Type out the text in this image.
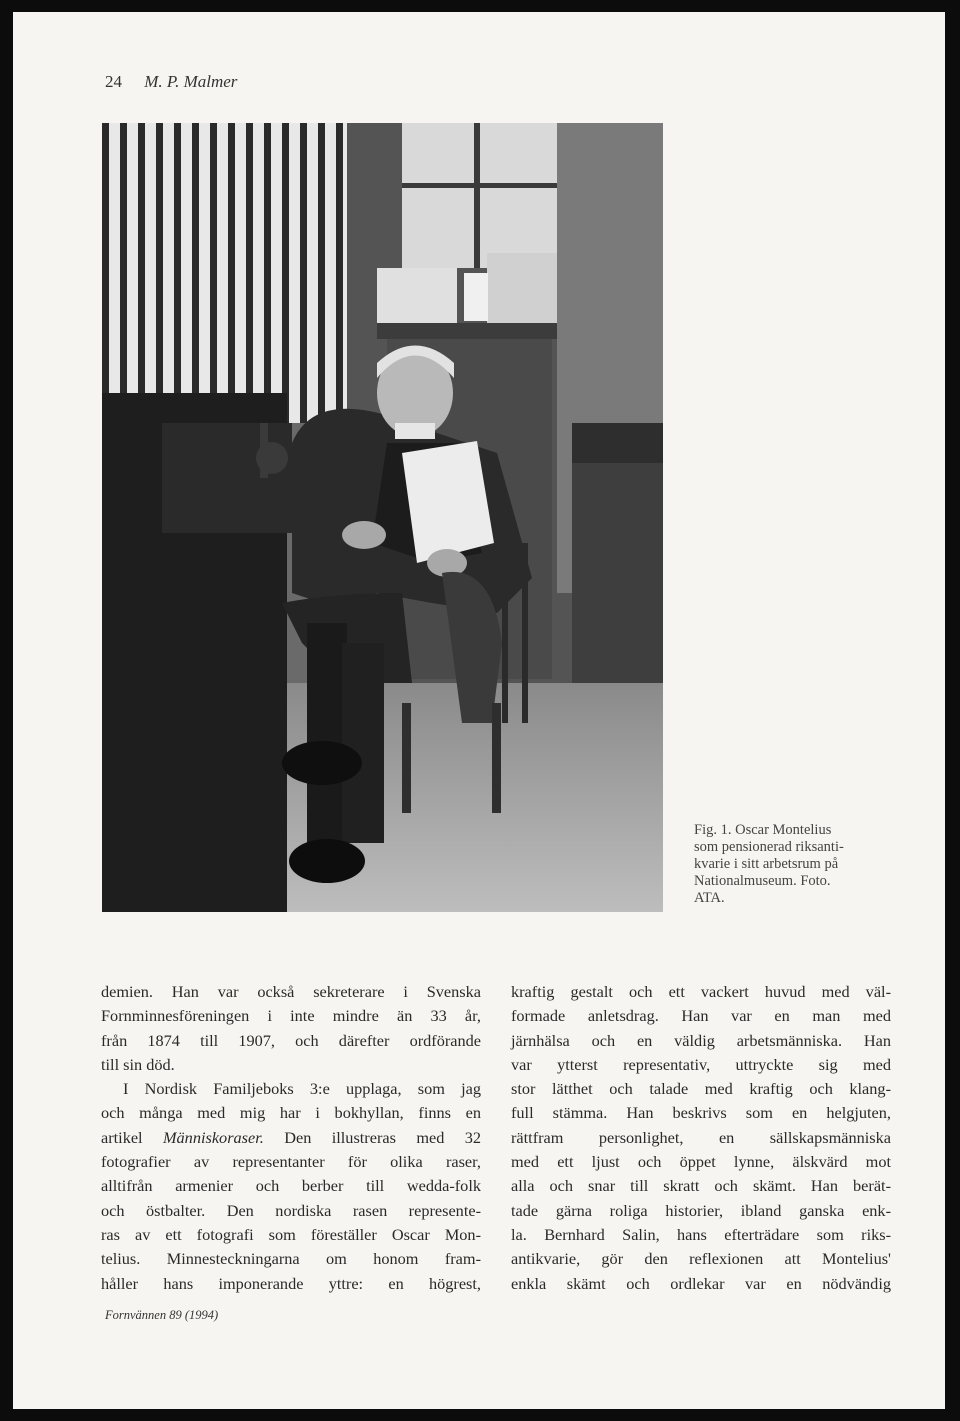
24 M. P. Malmer
Fig. 1. Oscar Montelius
som pensionerad riksanti-
kvarie i sitt arbetsrum på
Nationalmuseum. Foto.
ATA.
demien. Han var också sekreterare i Svenska
Fornminnesföreningen i inte mindre än 33 år,
från 1874 till 1907, och därefter ordförande
till sin död.
I Nordisk Familjeboks 3:e upplaga, som jag
och många med mig har i bokhyllan, finns en
artikel Människoraser. Den illustreras med 32
fotografier av representanter för olika raser,
alltifrån armenier och berber till wedda-folk
och östbalter. Den nordiska rasen represente-
ras av ett fotografi som föreställer Oscar Mon-
telius. Minnesteckningarna om honom fram-
håller hans imponerande yttre: en högrest,
kraftig gestalt och ett vackert huvud med väl-
formade anletsdrag. Han var en man med
järnhälsa och en väldig arbetsmänniska. Han
var ytterst representativ, uttryckte sig med
stor lätthet och talade med kraftig och klang-
full stämma. Han beskrivs som en helgjuten,
rättfram personlighet, en sällskapsmänniska
med ett ljust och öppet lynne, älskvärd mot
alla och snar till skratt och skämt. Han berät-
tade gärna roliga historier, ibland ganska enk-
la. Bernhard Salin, hans efterträdare som riks-
antikvarie, gör den reflexionen att Montelius'
enkla skämt och ordlekar var en nödvändig
Fornvännen 89 (1994)
